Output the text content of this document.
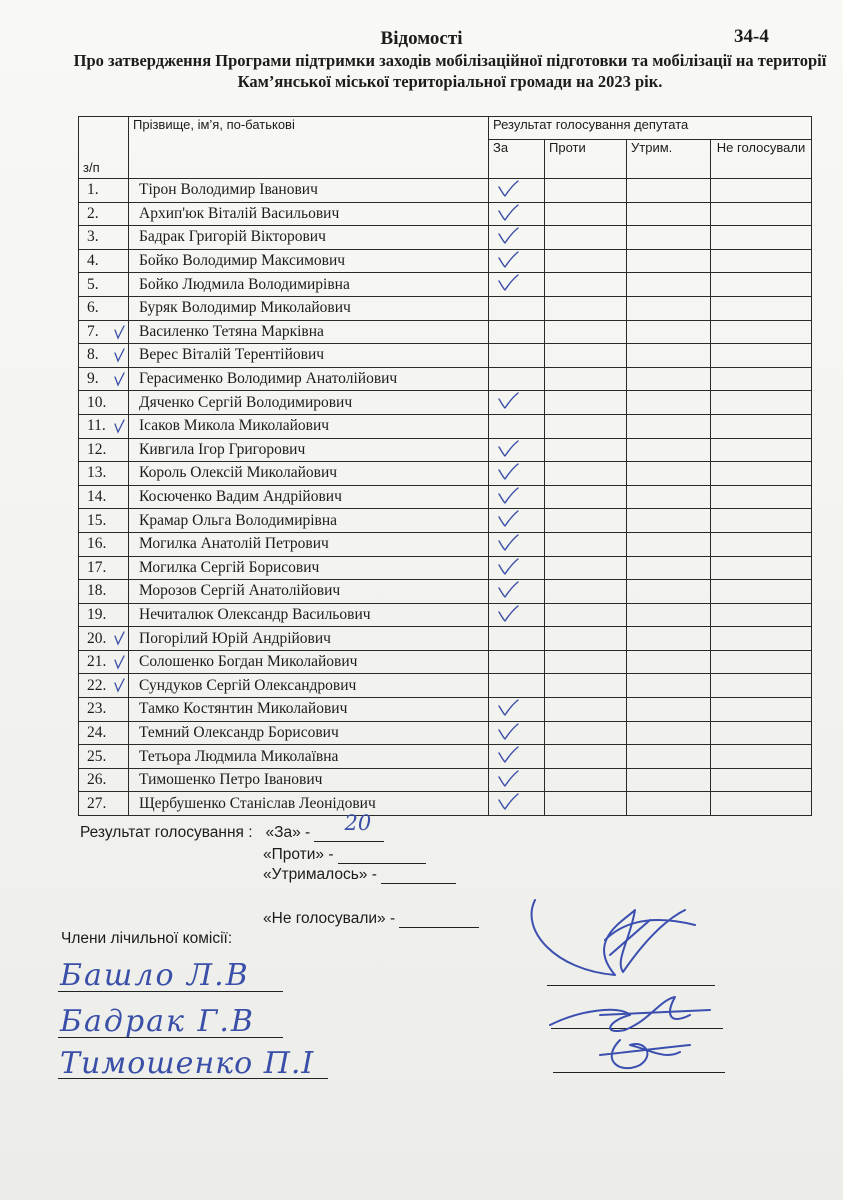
Відомості	34-4

Про затвердження Програми підтримки заходів мобілізаційної підготовки та мобілізації на території Кам’янської міської територіальної громади на 2023 рік.

з/п	Прізвище, ім’я, по-батькові	Результат голосування депутата			
		За	Проти	Утрим.	Не голосували
1.	Тірон Володимир Іванович	

2.	Архип'юк Віталій Васильович	

3.	Бадрак Григорій Вікторович	

4.	Бойко Володимир Максимович	

5.	Бойко Людмила Володимирівна	

6.	Буряк Володимир Миколайович				
7.	Василенко Тетяна Марківна				
8.	Верес Віталій Терентійович				
9.	Герасименко Володимир Анатолійович				
10.	Дяченко Сергій Володимирович	

11.	Ісаков Микола Миколайович				
12.	Кивгила Ігор Григорович	

13.	Король Олексій Миколайович	

14.	Косюченко Вадим Андрійович	

15.	Крамар Ольга Володимирівна	

16.	Могилка Анатолій Петрович	

17.	Могилка Сергій Борисович	

18.	Морозов Сергій Анатолійович	

19.	Нечиталюк Олександр Васильович	

20.	Погорілий Юрій Андрійович				
21.	Солошенко Богдан Миколайович				
22.	Сундуков Сергій Олександрович				
23.	Тамко Костянтин Миколайович	

24.	Темний Олександр Борисович	

25.	Тетьора Людмила Миколаївна	

26.	Тимошенко Петро Іванович	

27.	Щербушенко Станіслав Леонідович	

Результат голосування : «За» - 20
«Проти» -
«Утрималось» -
«Не голосували» -
Члени лічильної комісії:
Башло Л.В
Бадрак Г.В
Тимошенко П.І
